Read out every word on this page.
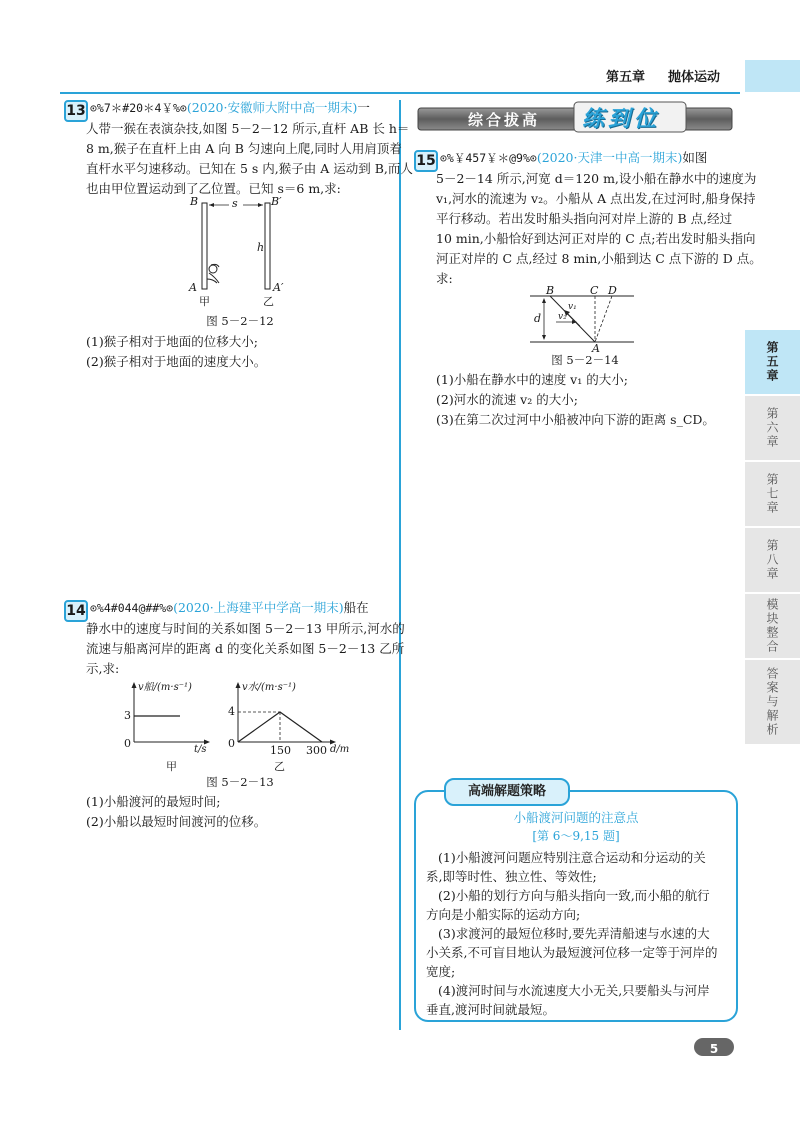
第五章 抛体运动
第五章
第六章
第七章
第八章
模块整合
答案与解析
13 ⊙%7＊#20＊4￥%⊙(2020·安徽师大附中高一期末)一
人带一猴在表演杂技,如图 5－2－12 所示,直杆 AB 长 h＝
8 m,猴子在直杆上由 A 向 B 匀速向上爬,同时人用肩顶着
直杆水平匀速移动。已知在 5 s 内,猴子由 A 运动到 B,而人
也由甲位置运动到了乙位置。已知 s＝6 m,求:
B	s	B′
h
A	A′
甲	乙
图 5－2－12
(1)猴子相对于地面的位移大小;
(2)猴子相对于地面的速度大小。
14 ⊙%4#044@##%⊙(2020·上海建平中学高一期末)船在
静水中的速度与时间的关系如图 5－2－13 甲所示,河水的
流速与船离河岸的距离 d 的变化关系如图 5－2－13 乙所
示,求:
v船/(m·s⁻¹)
3
0	t/s
甲
v水/(m·s⁻¹)
4
0
150 300 d/m
乙
图 5－2－13
(1)小船渡河的最短时间;
(2)小船以最短时间渡河的位移。
综合拔高 练到位
15 ⊙%￥457￥＊@9%⊙(2020·天津一中高一期末)如图
5－2－14 所示,河宽 d＝120 m,设小船在静水中的速度为
v₁,河水的流速为 v₂。小船从 A 点出发,在过河时,船身保持
平行移动。若出发时船头指向河对岸上游的 B 点,经过
10 min,小船恰好到达河正对岸的 C 点;若出发时船头指向
河正对岸的 C 点,经过 8 min,小船到达 C 点下游的 D 点。
求:
B	C D
d
v₁
v₂
A
图 5－2－14
(1)小船在静水中的速度 v₁ 的大小;
(2)河水的流速 v₂ 的大小;
(3)在第二次过河中小船被冲向下游的距离 s_CD。
高端解题策略
小船渡河问题的注意点
[第 6～9,15 题]
(1)小船渡河问题应特别注意合运动和分运动的关
系,即等时性、独立性、等效性;
(2)小船的划行方向与船头指向一致,而小船的航行
方向是小船实际的运动方向;
(3)求渡河的最短位移时,要先弄清船速与水速的大
小关系,不可盲目地认为最短渡河位移一定等于河岸的
宽度;
(4)渡河时间与水流速度大小无关,只要船头与河岸
垂直,渡河时间就最短。
5
